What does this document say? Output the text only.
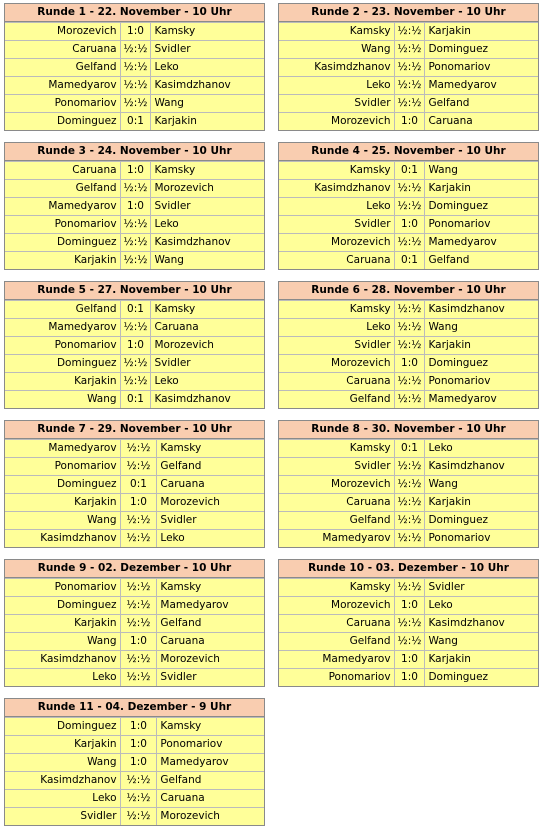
Runde 1 - 22. November - 10 Uhr
Morozevich 1:0 Kamsky
Caruana ½:½ Svidler
Gelfand ½:½ Leko
Mamedyarov ½:½ Kasimdzhanov
Ponomariov ½:½ Wang
Dominguez 0:1 Karjakin
Runde 2 - 23. November - 10 Uhr
Kamsky ½:½ Karjakin
Wang ½:½ Dominguez
Kasimdzhanov ½:½ Ponomariov
Leko ½:½ Mamedyarov
Svidler ½:½ Gelfand
Morozevich 1:0 Caruana
Runde 3 - 24. November - 10 Uhr
Caruana 1:0 Kamsky
Gelfand ½:½ Morozevich
Mamedyarov 1:0 Svidler
Ponomariov ½:½ Leko
Dominguez ½:½ Kasimdzhanov
Karjakin ½:½ Wang
Runde 4 - 25. November - 10 Uhr
Kamsky 0:1 Wang
Kasimdzhanov ½:½ Karjakin
Leko ½:½ Dominguez
Svidler 1:0 Ponomariov
Morozevich ½:½ Mamedyarov
Caruana 0:1 Gelfand
Runde 5 - 27. November - 10 Uhr
Gelfand 0:1 Kamsky
Mamedyarov ½:½ Caruana
Ponomariov 1:0 Morozevich
Dominguez ½:½ Svidler
Karjakin ½:½ Leko
Wang 0:1 Kasimdzhanov
Runde 6 - 28. November - 10 Uhr
Kamsky ½:½ Kasimdzhanov
Leko ½:½ Wang
Svidler ½:½ Karjakin
Morozevich 1:0 Dominguez
Caruana ½:½ Ponomariov
Gelfand ½:½ Mamedyarov
Runde 7 - 29. November - 10 Uhr
Mamedyarov ½:½ Kamsky
Ponomariov ½:½ Gelfand
Dominguez	0:1	Caruana
Karjakin	1:0	Morozevich
Wang ½:½ Svidler
Kasimdzhanov ½:½ Leko
Runde 8 - 30. November - 10 Uhr
Kamsky 0:1 Leko
Svidler ½:½ Kasimdzhanov
Morozevich ½:½ Wang
Caruana ½:½ Karjakin
Gelfand ½:½ Dominguez
Mamedyarov ½:½ Ponomariov
Runde 9 - 02. Dezember - 10 Uhr
Ponomariov ½:½ Kamsky
Dominguez ½:½ Mamedyarov
Karjakin ½:½ Gelfand
Wang	1:0	Caruana
Kasimdzhanov ½:½ Morozevich
Leko ½:½ Svidler
Runde 10 - 03. Dezember - 10 Uhr
Kamsky ½:½ Svidler
Morozevich 1:0 Leko
Caruana ½:½ Kasimdzhanov
Gelfand ½:½ Wang
Mamedyarov 1:0 Karjakin
Ponomariov 1:0 Dominguez
Runde 11 - 04. Dezember - 9 Uhr
Dominguez	1:0	Kamsky
Karjakin	1:0	Ponomariov
Wang	1:0	Mamedyarov
Kasimdzhanov ½:½ Gelfand
Leko ½:½ Caruana
Svidler ½:½ Morozevich
